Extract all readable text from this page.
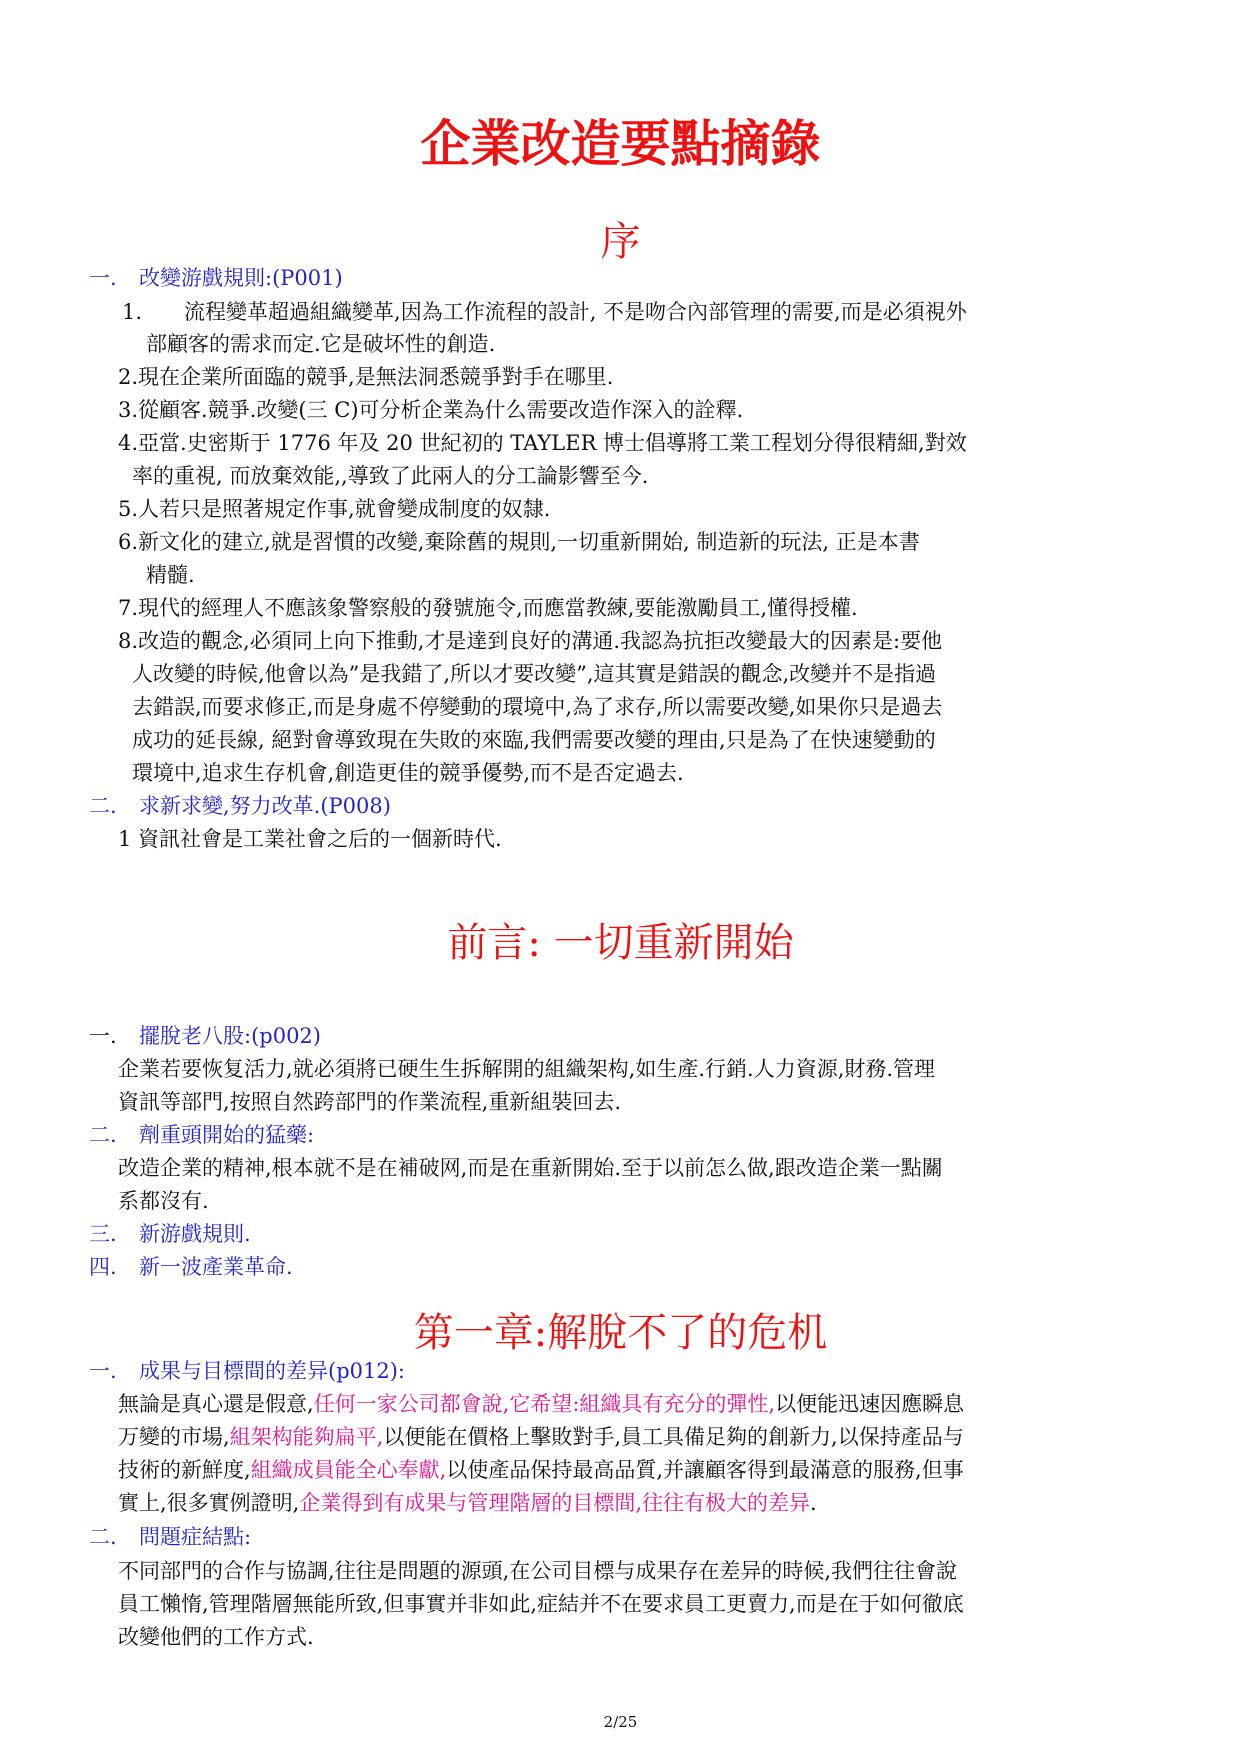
企業改造要點摘錄
序
一. 改變游戲規則:(P001)
1.　　流程變革超過組織變革,因為工作流程的設計, 不是吻合內部管理的需要,而是必須視外
部顧客的需求而定.它是破坏性的創造.
2.現在企業所面臨的競爭,是無法洞悉競爭對手在哪里.
3.從顧客.競爭.改變(三 C)可分析企業為什么需要改造作深入的詮釋.
4.亞當.史密斯于 1776 年及 20 世紀初的 TAYLER 博士倡導將工業工程划分得很精細,對效
率的重視, 而放棄效能,,導致了此兩人的分工論影響至今.
5.人若只是照著規定作事,就會變成制度的奴隸.
6.新文化的建立,就是習慣的改變,棄除舊的規則,一切重新開始, 制造新的玩法, 正是本書
精髓.
7.現代的經理人不應該象警察般的發號施令,而應當教練,要能激勵員工,懂得授權.
8.改造的觀念,必須同上向下推動,才是達到良好的溝通.我認為抗拒改變最大的因素是:要他
人改變的時候,他會以為”是我錯了,所以才要改變”,這其實是錯誤的觀念,改變并不是指過
去錯誤,而要求修正,而是身處不停變動的環境中,為了求存,所以需要改變,如果你只是過去
成功的延長線, 絕對會導致現在失敗的來臨,我們需要改變的理由,只是為了在快速變動的
環境中,追求生存机會,創造更佳的競爭優勢,而不是否定過去.
二. 求新求變,努力改革.(P008)
1 資訊社會是工業社會之后的一個新時代.
前言: 一切重新開始
一. 擺脫老八股:(p002)
企業若要恢复活力,就必須將已硬生生拆解開的組織架构,如生產.行銷.人力資源,財務.管理
資訊等部門,按照自然跨部門的作業流程,重新組裝回去.
二. 劑重頭開始的猛藥:
改造企業的精神,根本就不是在補破网,而是在重新開始.至于以前怎么做,跟改造企業一點關
系都沒有.
三. 新游戲規則.
四. 新一波產業革命.
第一章:解脫不了的危机
一. 成果与目標間的差异(p012):
無論是真心還是假意,任何一家公司都會說,它希望:組織具有充分的彈性,以便能迅速因應瞬息
万變的市場,組架构能夠扁平,以便能在價格上擊敗對手,員工具備足夠的創新力,以保持產品与
技術的新鮮度,組織成員能全心奉獻,以使產品保持最高品質,并讓顧客得到最滿意的服務,但事
實上,很多實例證明,企業得到有成果与管理階層的目標間,往往有极大的差异.
二. 問題症結點:
不同部門的合作与協調,往往是問題的源頭,在公司目標与成果存在差异的時候,我們往往會說
員工懶惰,管理階層無能所致,但事實并非如此,症結并不在要求員工更賣力,而是在于如何徹底
改變他們的工作方式.
2/25
